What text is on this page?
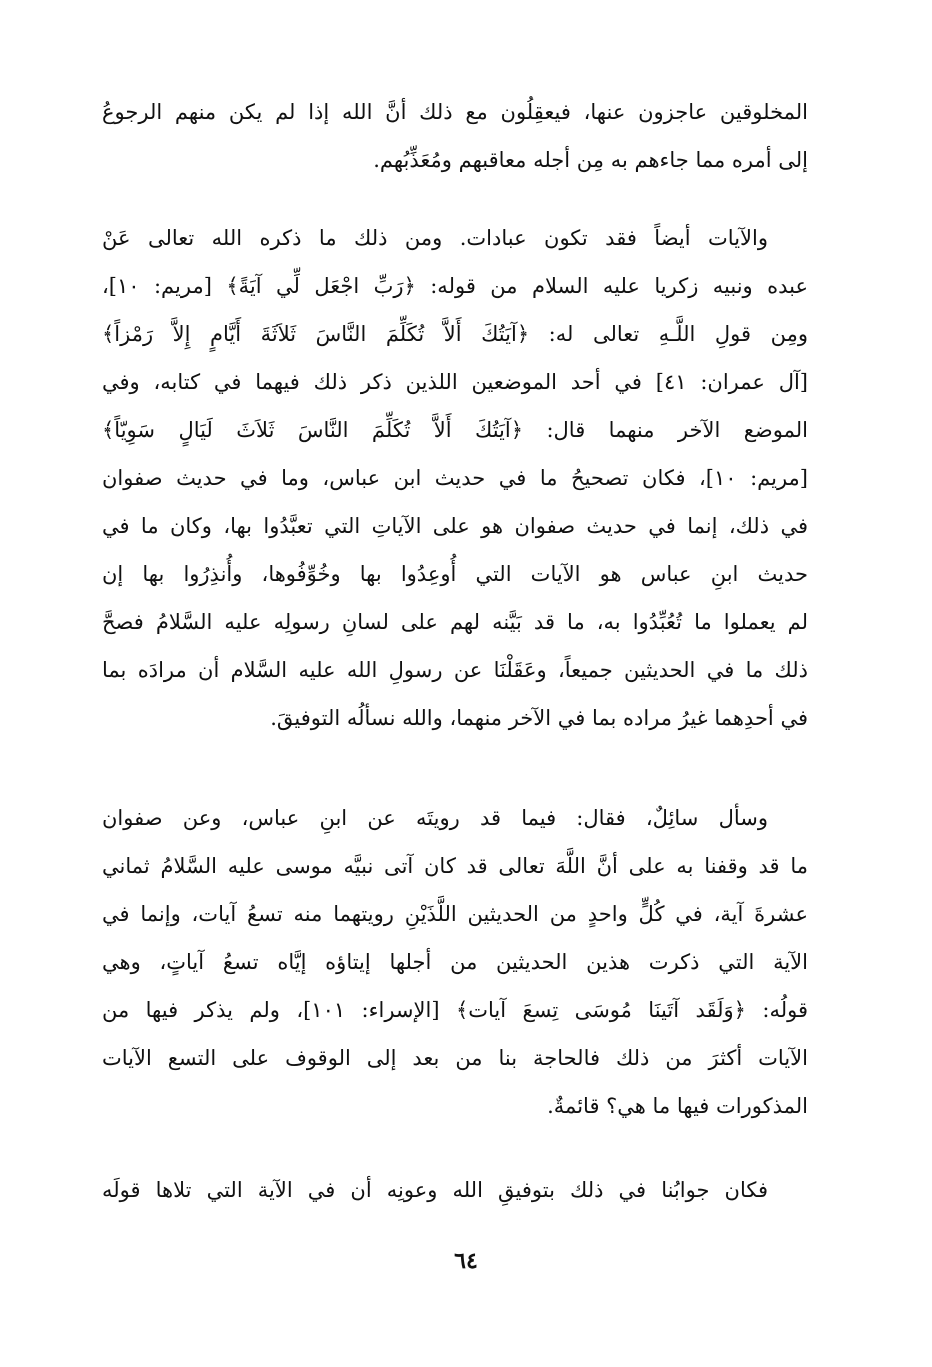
المخلوقين عاجزون عنها، فيعقِلُون مع ذلك أنَّ الله إذا لم يكن منهم الرجوعُ
إلى أمره مما جاءهم به مِن أجله معاقبهم ومُعَذِّبُهم.
والآيات أيضاً فقد تكون عبادات. ومن ذلك ما ذكره الله تعالى عَنْ
عبده ونبيه زكريا عليه السلام من قوله: ﴿رَبِّ اجْعَل لِّي آيَةً﴾ [مريم: ١٠]،
ومِن قولِ اللَّـهِ تعالى له: ﴿آيَتُكَ أَلاَّ تُكَلِّمَ النَّاسَ ثَلاَثَةَ أَيَّامٍ إِلاَّ رَمْزاً﴾
[آل عمران: ٤١] في أحد الموضعين اللذين ذكر ذلك فيهما في كتابه، وفي
الموضع الآخر منهما قال: ﴿آيَتُكَ أَلاَّ تُكَلِّمَ النَّاسَ ثَلاَثَ لَيَالٍ سَوِيّاً﴾
[مريم: ١٠]، فكان تصحيحُ ما في حديث ابن عباس، وما في حديث صفوان
في ذلك، إنما في حديث صفوان هو على الآياتِ التي تعبَّدُوا بها، وكان ما في
حديث ابنِ عباس هو الآيات التي أُوعِدُوا بها وخُوِّفُوها، وأُنذِرُوا بها إن
لم يعملوا ما تُعُبِّدُوا به، ما قد بَيَّنه لهم على لسانِ رسولِه عليه السَّلامُ فصحَّ
ذلك ما في الحديثين جميعاً، وعَقَلْنَا عن رسولِ الله عليه السَّلام أن مرادَه بما
في أحدِهما غيرُ مراده بما في الآخر منهما، والله نسألُه التوفيقَ.
وسأل سائِلٌ، فقال: فيما قد رويتَه عن ابنِ عباس، وعن صفوان
ما قد وقفنا به على أنَّ اللَّهَ تعالى قد كان آتى نبيَّه موسى عليه السَّلامُ ثماني
عشرةَ آية، في كُلٍّ واحدٍ من الحديثين اللَّذَيْنِ رويتهما منه تسعُ آيات، وإنما في
الآية التي ذكرت هذين الحديثين من أجلها إيتاؤه إيَّاه تسعُ آياتٍ، وهي
قولُه: ﴿وَلَقَد آتَينَا مُوسَى تِسعَ آيات﴾ [الإسراء: ١٠١]، ولم يذكر فيها من
الآيات أكثرَ من ذلك فالحاجة بنا من بعد إلى الوقوف على التسع الآيات
المذكورات فيها ما هي؟ قائمةٌ.
فكان جوابُنا في ذلك بتوفيقِ الله وعونِه أن في الآية التي تلاها قولَه
٦٤
